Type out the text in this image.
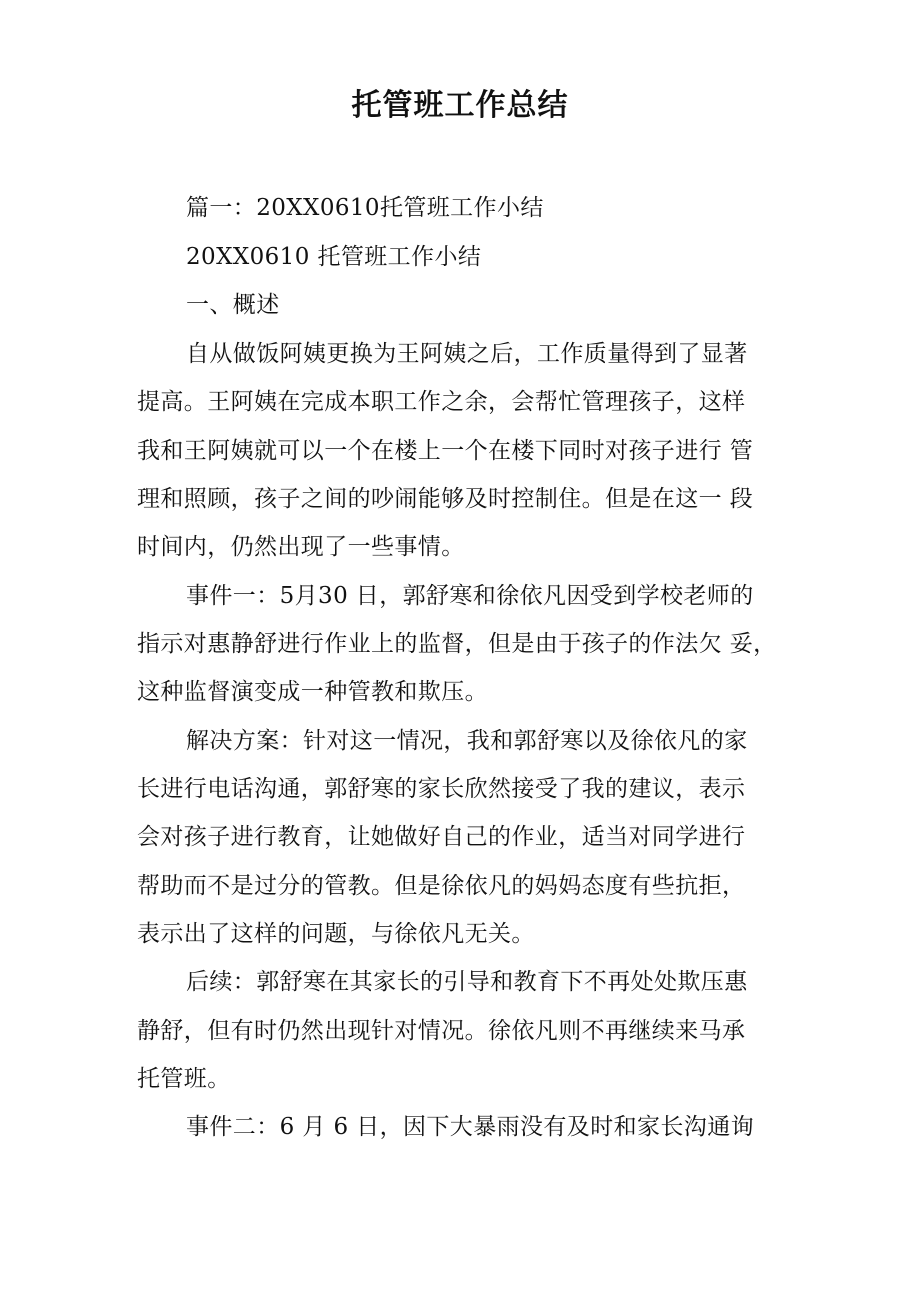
托管班工作总结
篇一：20XX0610托管班工作小结
20XX0610 托管班工作小结
一、概述
自从做饭阿姨更换为王阿姨之后，工作质量得到了显著
提高。王阿姨在完成本职工作之余，会帮忙管理孩子，这样
我和王阿姨就可以一个在楼上一个在楼下同时对孩子进行 管
理和照顾，孩子之间的吵闹能够及时控制住。但是在这一 段
时间内，仍然出现了一些事情。
事件一：5月30 日，郭舒寒和徐依凡因受到学校老师的
指示对惠静舒进行作业上的监督，但是由于孩子的作法欠 妥，
这种监督演变成一种管教和欺压。
解决方案：针对这一情况，我和郭舒寒以及徐依凡的家
长进行电话沟通，郭舒寒的家长欣然接受了我的建议，表示
会对孩子进行教育，让她做好自己的作业，适当对同学进行
帮助而不是过分的管教。但是徐依凡的妈妈态度有些抗拒，
表示出了这样的问题，与徐依凡无关。
后续：郭舒寒在其家长的引导和教育下不再处处欺压惠
静舒，但有时仍然出现针对情况。徐依凡则不再继续来马承
托管班。
事件二：6 月 6 日，因下大暴雨没有及时和家长沟通询
